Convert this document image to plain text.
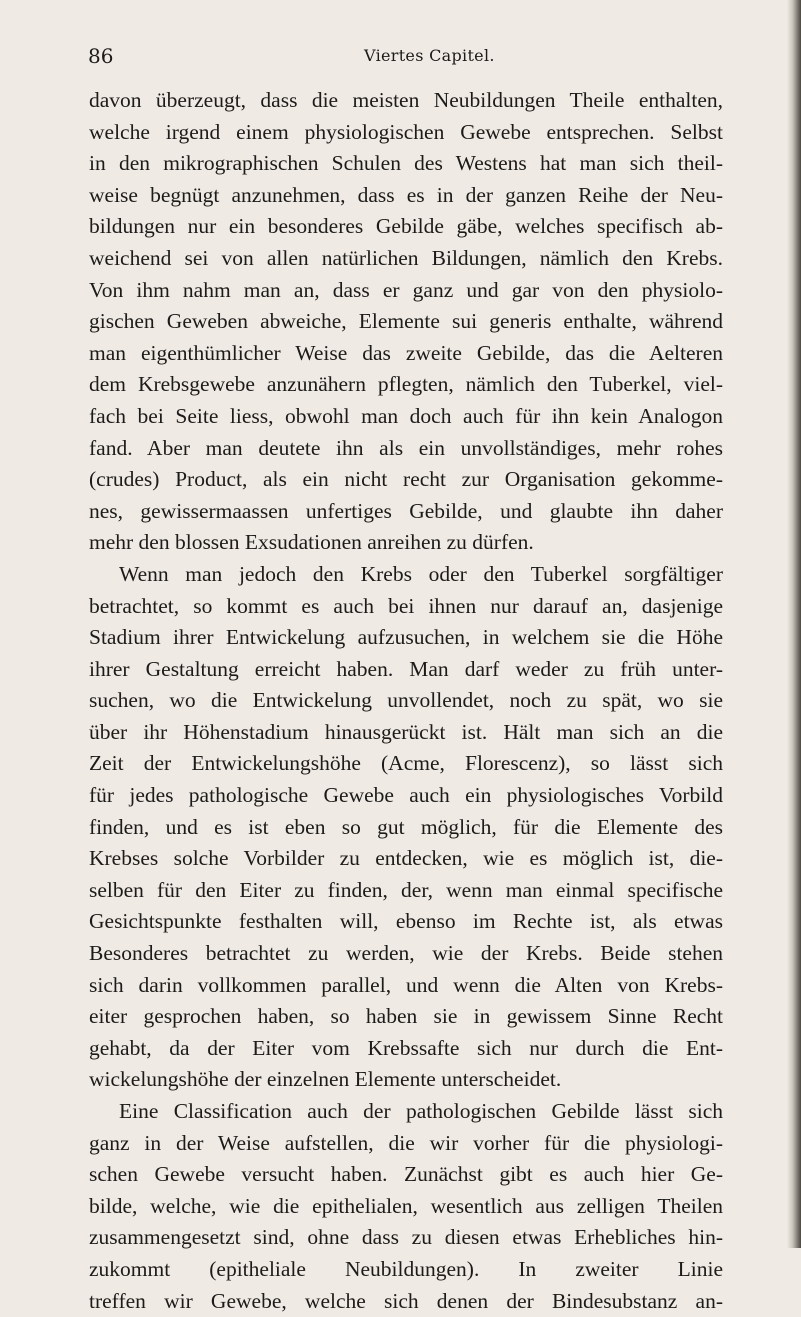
86	Viertes Capitel.
davon überzeugt, dass die meisten Neubildungen Theile enthalten,
welche irgend einem physiologischen Gewebe entsprechen. Selbst
in den mikrographischen Schulen des Westens hat man sich theil-
weise begnügt anzunehmen, dass es in der ganzen Reihe der Neu-
bildungen nur ein besonderes Gebilde gäbe, welches specifisch ab-
weichend sei von allen natürlichen Bildungen, nämlich den Krebs.
Von ihm nahm man an, dass er ganz und gar von den physiolo-
gischen Geweben abweiche, Elemente sui generis enthalte, während
man eigenthümlicher Weise das zweite Gebilde, das die Aelteren
dem Krebsgewebe anzunähern pflegten, nämlich den Tuberkel, viel-
fach bei Seite liess, obwohl man doch auch für ihn kein Analogon
fand. Aber man deutete ihn als ein unvollständiges, mehr rohes
(crudes) Product, als ein nicht recht zur Organisation gekomme-
nes, gewissermaassen unfertiges Gebilde, und glaubte ihn daher
mehr den blossen Exsudationen anreihen zu dürfen.
Wenn man jedoch den Krebs oder den Tuberkel sorgfältiger
betrachtet, so kommt es auch bei ihnen nur darauf an, dasjenige
Stadium ihrer Entwickelung aufzusuchen, in welchem sie die Höhe
ihrer Gestaltung erreicht haben. Man darf weder zu früh unter-
suchen, wo die Entwickelung unvollendet, noch zu spät, wo sie
über ihr Höhenstadium hinausgerückt ist. Hält man sich an die
Zeit der Entwickelungshöhe (Acme, Florescenz), so lässt sich
für jedes pathologische Gewebe auch ein physiologisches Vorbild
finden, und es ist eben so gut möglich, für die Elemente des
Krebses solche Vorbilder zu entdecken, wie es möglich ist, die-
selben für den Eiter zu finden, der, wenn man einmal specifische
Gesichtspunkte festhalten will, ebenso im Rechte ist, als etwas
Besonderes betrachtet zu werden, wie der Krebs. Beide stehen
sich darin vollkommen parallel, und wenn die Alten von Krebs-
eiter gesprochen haben, so haben sie in gewissem Sinne Recht
gehabt, da der Eiter vom Krebssafte sich nur durch die Ent-
wickelungshöhe der einzelnen Elemente unterscheidet.
Eine Classification auch der pathologischen Gebilde lässt sich
ganz in der Weise aufstellen, die wir vorher für die physiologi-
schen Gewebe versucht haben. Zunächst gibt es auch hier Ge-
bilde, welche, wie die epithelialen, wesentlich aus zelligen Theilen
zusammengesetzt sind, ohne dass zu diesen etwas Erhebliches hin-
zukommt (epitheliale Neubildungen). In zweiter Linie
treffen wir Gewebe, welche sich denen der Bindesubstanz an-
